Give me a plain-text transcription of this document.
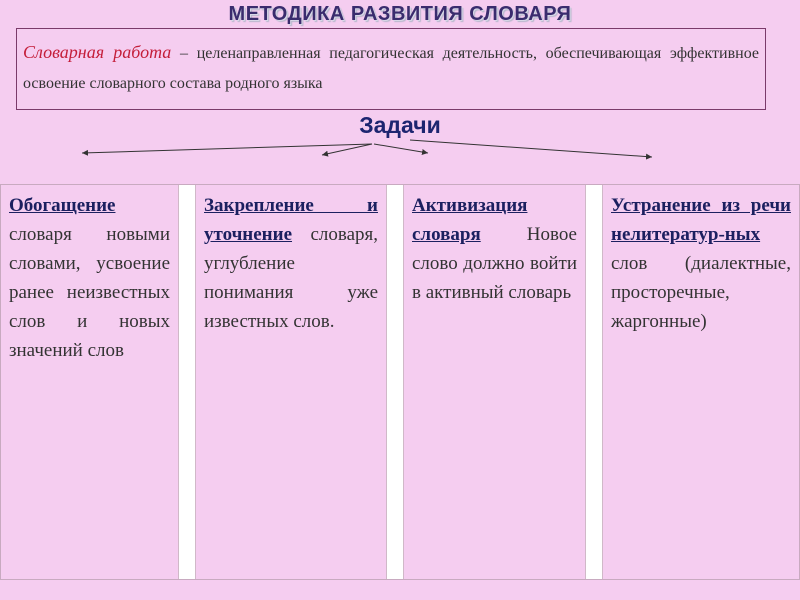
МЕТОДИКА РАЗВИТИЯ СЛОВАРЯ
Словарная работа – целенаправленная педагогическая деятельность, обеспечивающая эффективное освоение словарного состава родного языка
Задачи
Обогащение словаря новыми словами, усвоение ранее неизвестных слов и новых значений слов
Закрепление и уточнение словаря, углубление понимания уже известных слов.
Активизация словаря Новое слово должно войти в активный словарь
Устранение из речи нелитератур-ных слов (диалектные, просторечные, жаргонные)
